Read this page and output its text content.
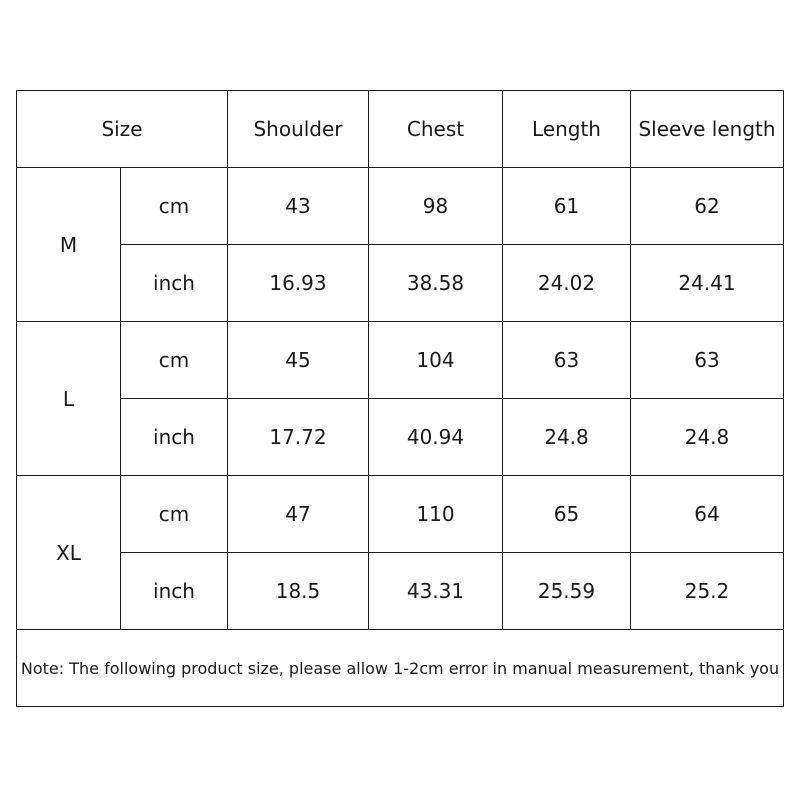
Size		Shoulder	Chest	Length	Sleeve length
M	cm	43	98	61	62
	inch	16.93	38.58	24.02	24.41
L	cm	45	104	63	63
	inch	17.72	40.94	24.8	24.8
XL	cm	47	110	65	64
	inch	18.5	43.31	25.59	25.2
Note: The following product size, please allow 1-2cm error in manual measurement, thank you					
